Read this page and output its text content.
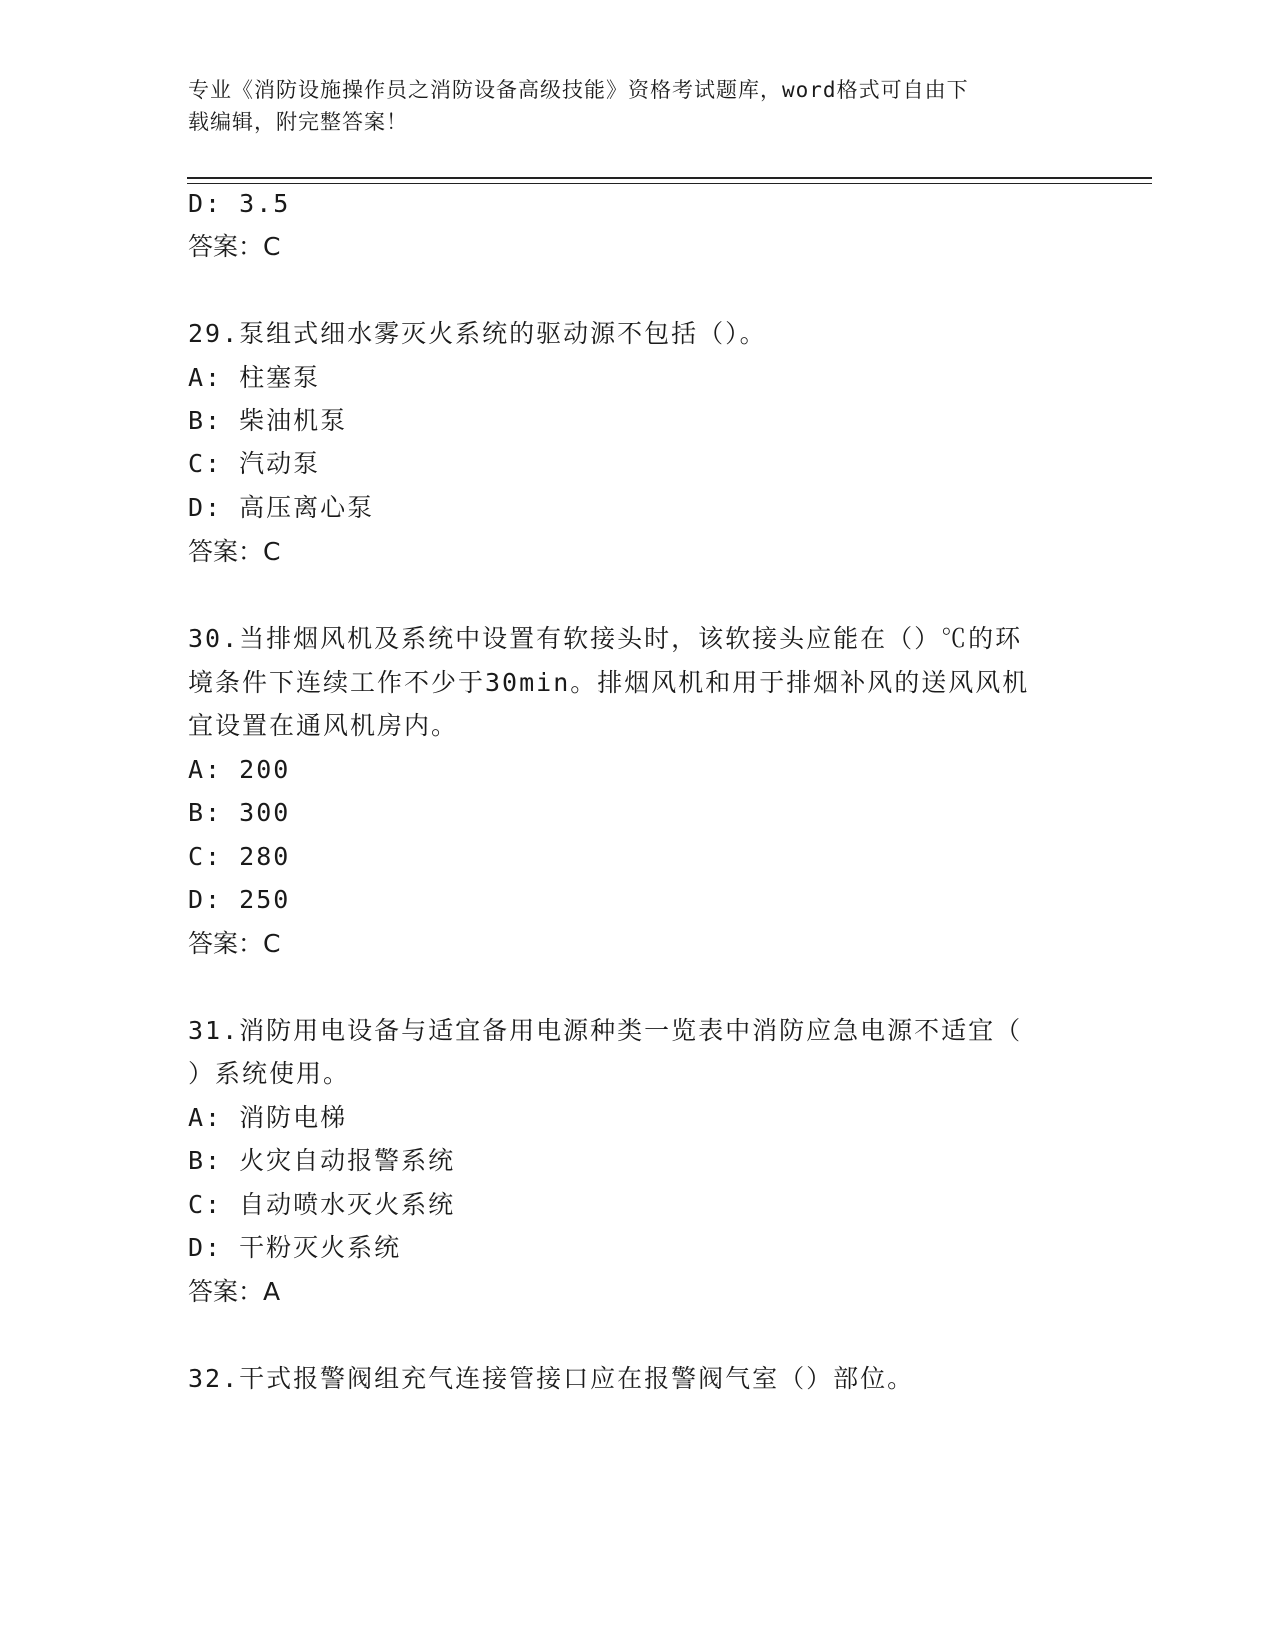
专业《消防设施操作员之消防设备高级技能》资格考试题库，word格式可自由下
载编辑，附完整答案！
D: 3.5
答案：C
29.泵组式细水雾灭火系统的驱动源不包括（）。
A: 柱塞泵
B: 柴油机泵
C: 汽动泵
D: 高压离心泵
答案：C
30.当排烟风机及系统中设置有软接头时，该软接头应能在（）℃的环
境条件下连续工作不少于30min。排烟风机和用于排烟补风的送风风机
宜设置在通风机房内。
A: 200
B: 300
C: 280
D: 250
答案：C
31.消防用电设备与适宜备用电源种类一览表中消防应急电源不适宜（
）系统使用。
A: 消防电梯
B: 火灾自动报警系统
C: 自动喷水灭火系统
D: 干粉灭火系统
答案：A
32.干式报警阀组充气连接管接口应在报警阀气室（）部位。
